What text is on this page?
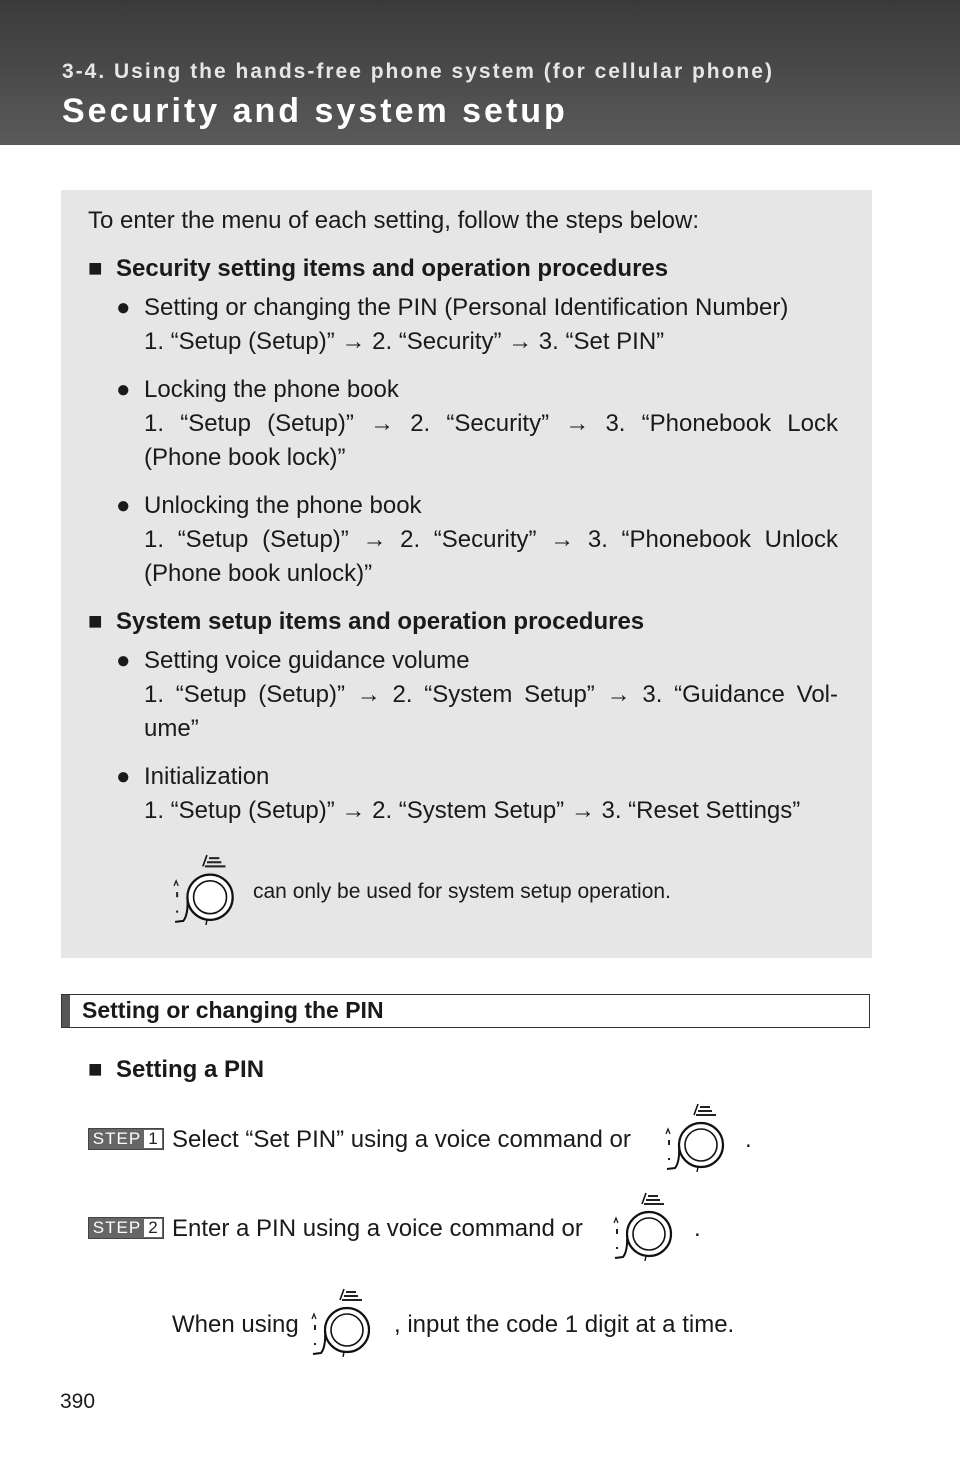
3-4. Using the hands-free phone system (for cellular phone)
Security and system setup
To enter the menu of each setting, follow the steps below:
■ Security setting items and operation procedures
● Setting or changing the PIN (Personal Identification Number)
1. “Setup (Setup)” → 2. “Security” → 3. “Set PIN”
● Locking the phone book
1. “Setup (Setup)” → 2. “Security” → 3. “Phonebook Lock
(Phone book lock)”
● Unlocking the phone book
1. “Setup (Setup)” → 2. “Security” → 3. “Phonebook Unlock
(Phone book unlock)”
■ System setup items and operation procedures
● Setting voice guidance volume
1. “Setup (Setup)” → 2. “System Setup” → 3. “Guidance Vol-
ume”
● Initialization
1. “Setup (Setup)” → 2. “System Setup” → 3. “Reset Settings”
can only be used for system setup operation.
Setting or changing the PIN
■ Setting a PIN
STEP 1 Select “Set PIN” using a voice command or	.
STEP 2 Enter a PIN using a voice command or	.
When using	, input the code 1 digit at a time.
390
